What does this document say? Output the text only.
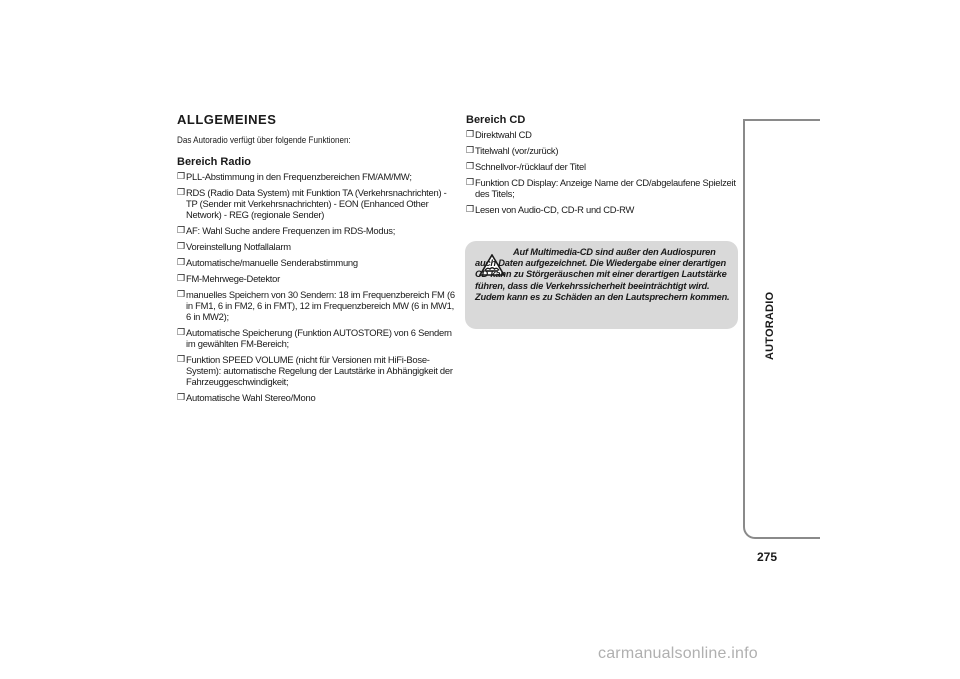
ALLGEMEINES
Das Autoradio verfügt über folgende Funktionen:
Bereich Radio
❒ PLL-Abstimmung in den Frequenzbereichen FM/AM/MW;
❒ RDS (Radio Data System) mit Funktion TA (Verkehrsnachrichten) - TP (Sender mit Verkehrsnachrichten) - EON (Enhanced Other Network) - REG (regionale Sender)
❒ AF: Wahl Suche andere Frequenzen im RDS-Modus;
❒ Voreinstellung Notfallalarm
❒ Automatische/manuelle Senderabstimmung
❒ FM-Mehrwege-Detektor
❒ manuelles Speichern von 30 Sendern: 18 im Frequenzbereich FM (6 in FM1, 6 in FM2, 6 in FMT), 12 im Frequenzbereich MW (6 in MW1, 6 in MW2);
❒ Automatische Speicherung (Funktion AUTOSTORE) von 6 Sendern im gewählten FM-Bereich;
❒ Funktion SPEED VOLUME (nicht für Versionen mit HiFi-Bose-System): automatische Regelung der Lautstärke in Abhängigkeit der Fahrzeuggeschwindigkeit;
❒ Automatische Wahl Stereo/Mono
Bereich CD
❒ Direktwahl CD
❒ Titelwahl (vor/zurück)
❒ Schnellvor-/rücklauf der Titel
❒ Funktion CD Display: Anzeige Name der CD/abgelaufene Spielzeit des Titels;
❒ Lesen von Audio-CD, CD-R und CD-RW
Auf Multimedia-CD sind außer den Audiospuren auch Daten aufgezeichnet. Die Wiedergabe einer derartigen CD kann zu Störgeräuschen mit einer derartigen Lautstärke führen, dass die Verkehrssicherheit beeinträchtigt wird. Zudem kann es zu Schäden an den Lautsprechern kommen.	AUTORADIO
275
carmanualsonline.info
